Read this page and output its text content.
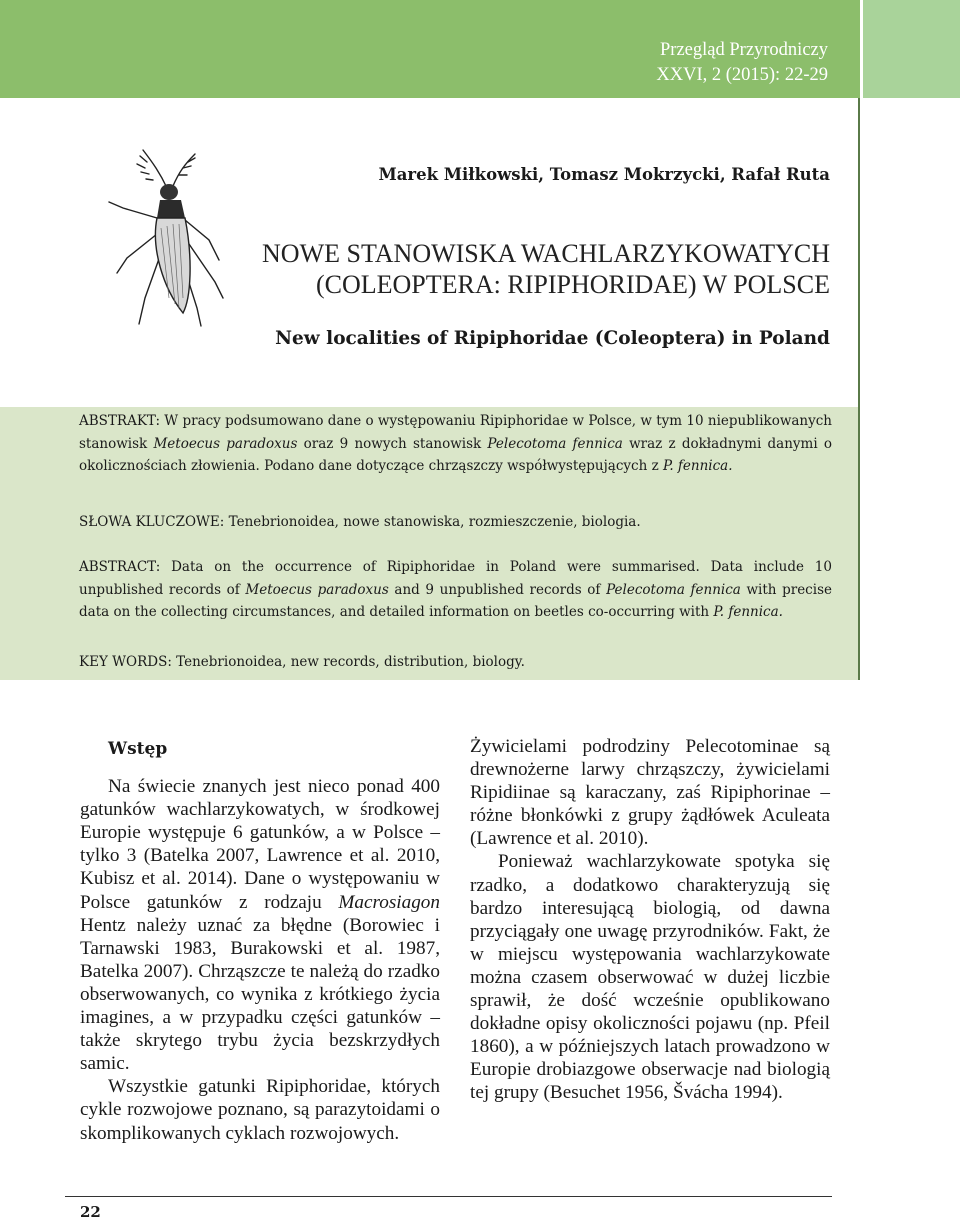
Przegląd Przyrodniczy
XXVI, 2 (2015): 22-29
Marek Miłkowski, Tomasz Mokrzycki, Rafał Ruta
NOWE STANOWISKA WACHLARZYKOWATYCH
(COLEOPTERA: RIPIPHORIDAE) W POLSCE
New localities of Ripiphoridae (Coleoptera) in Poland

ABSTRAKT: W pracy podsumowano dane o występowaniu Ripiphoridae w Polsce, w tym 10 niepublikowanych stanowisk Metoecus paradoxus oraz 9 nowych stanowisk Pelecotoma fennica wraz z dokładnymi danymi o okolicznościach złowienia. Podano dane dotyczące chrząszczy współwystępujących z P. fennica.

SŁOWA KLUCZOWE: Tenebrionoidea, nowe stanowiska, rozmieszczenie, biologia.

ABSTRACT: Data on the occurrence of Ripiphoridae in Poland were summarised. Data include 10 unpublished records of Metoecus paradoxus and 9 unpublished records of Pelecotoma fennica with precise data on the collecting circumstances, and detailed information on beetles co-occurring with P. fennica.

KEY WORDS: Tenebrionoidea, new records, distribution, biology.

Wstęp

Na świecie znanych jest nieco ponad 400 gatunków wachlarzykowatych, w środkowej Europie występuje 6 gatunków, a w Polsce – tylko 3 (Batelka 2007, Lawrence et al. 2010, Kubisz et al. 2014). Dane o występowaniu w Polsce gatunków z rodzaju Macrosiagon Hentz należy uznać za błędne (Borowiec i Tarnawski 1983, Burakowski et al. 1987, Batelka 2007). Chrząszcze te należą do rzadko obserwowanych, co wynika z krótkiego życia imagines, a w przypadku części gatunków – także skrytego trybu życia bezskrzydłych samic.

Wszystkie gatunki Ripiphoridae, których cykle rozwojowe poznano, są parazytoidami o skomplikowanych cyklach rozwojowych.

Żywicielami podrodziny Pelecotominae są drewnożerne larwy chrząszczy, żywicielami Ripidiinae są karaczany, zaś Ripiphorinae – różne błonkówki z grupy żądłówek Aculeata (Lawrence et al. 2010).

Ponieważ wachlarzykowate spotyka się rzadko, a dodatkowo charakteryzują się bardzo interesującą biologią, od dawna przyciągały one uwagę przyrodników. Fakt, że w miejscu występowania wachlarzykowate można czasem obserwować w dużej liczbie sprawił, że dość wcześnie opublikowano dokładne opisy okoliczności pojawu (np. Pfeil 1860), a w późniejszych latach prowadzono w Europie drobiazgowe obserwacje nad biologią tej grupy (Besuchet 1956, Švácha 1994).

22
